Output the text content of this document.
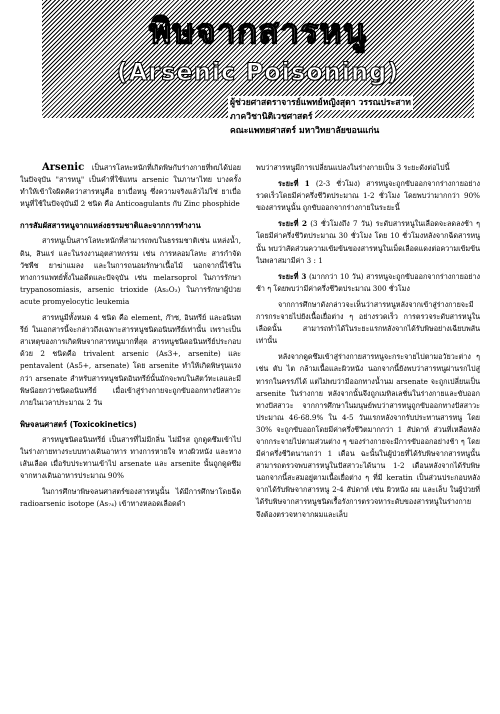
พิษจากสารหนู
(Arsenic Poisoning)
ผู้ช่วยศาสตราจารย์แพทย์หญิงสุดา วรรณประสาท
ภาควิชานิติเวชศาสตร์
คณะแพทยศาสตร์ มหาวิทยาลัยขอนแก่น

Arsenic เป็นสารโลหะหนักที่เกิดพิษกับร่างกายที่พบได้บ่อย ในปัจจุบัน "สารหนู" เป็นคำที่ใช้แทน arsenic ในภาษาไทย บางครั้งทำให้เข้าใจผิดคิดว่าสารหนูคือ ยาเบื่อหนู ซึ่งความจริงแล้วไม่ใช่ ยาเบื่อหนูที่ใช้ในปัจจุบันมี 2 ชนิด คือ Anticoagulants กับ Zinc phosphide

การสัมผัสสารหนูจากแหล่งธรรมชาติและจากการทำงาน

สารหนูเป็นสารโลหะหนักที่สามารถพบในธรรมชาติเช่น แหล่งน้ำ, ดิน, สินแร่ และในรงงานอุตสาหกรรม เช่น การหลอมโลหะ สารกำจัดวัชพืช ยาฆ่าแมลง และในการถนอมรักษาเนื้อไม้ นอกจากนี้ใช้ในทางการแพทย์ทั้งในอดีตและปัจจุบัน เช่น melarsoprol ในการรักษา trypanosomiasis, arsenic trioxide (As₂O₃) ในการรักษาผู้ป่วย acute promyelocytic leukemia

สารหนูมีทั้งหมด 4 ชนิด คือ element, ก๊าซ, อินทรีย์ และอนินทรีย์ ในเอกสารนี้จะกล่าวถึงเฉพาะสารหนูชนิดอนินทรีย์เท่านั้น เพราะเป็นสาเหตุของการเกิดพิษจากสารหนูมากที่สุด สารหนูชนิดอนินทรีย์ประกอบด้วย 2 ชนิดคือ trivalent arsenic (As3+, arsenite) และ pentavalent (As5+, arsenate) โดย arsenite ทำให้เกิดพิษรุนแรงกว่า arsenate สำหรับสารหนูชนิดอินทรีย์นั้นมักจะพบในสัตว์ทะเลและมีพิษน้อยกว่าชนิดอนินทรีย์ เมื่อเข้าสู่ร่างกายจะถูกขับออกทางปัสสาวะภายในเวลาประมาณ 2 วัน

พิษจลนศาสตร์ (Toxicokinetics)

สารหนูชนิดอนินทรีย์ เป็นสารที่ไม่มีกลิ่น ไม่มีรส ถูกดูดซึมเข้าไปในร่างกายทางระบบทางเดินอาหาร ทางการหายใจ ทางผิวหนัง และทางเส้นเลือด เมื่อรับประทานเข้าไป arsenate และ arsenite นั้นถูกดูดซึมจากทางเดินอาหารประมาณ 90%

ในการศึกษาพิษจลนศาสตร์ของสารหนูนั้น ได้มีการศึกษาโดยฉีด radioarsenic isotope (As₇₄) เข้าทางหลอดเลือดดำ

พบว่าสารหนูมีการเปลี่ยนแปลงในร่างกายเป็น 3 ระยะดังต่อไปนี้

ระยะที่ 1 (2-3 ชั่วโมง) สารหนูจะถูกขับออกจากร่างกายอย่างรวดเร็วโดยมีค่าครึ่งชีวิตประมาณ 1-2 ชั่วโมง โดยพบว่ามากกว่า 90% ของสารหนูนั้น ถูกขับออกจากร่างกายในระยะนี้

ระยะที่ 2 (3 ชั่วโมงถึง 7 วัน) ระดับสารหนูในเลือดจะลดลงช้า ๆ โดยมีค่าครึ่งชีวิตประมาณ 30 ชั่วโมง โดย 10 ชั่วโมงหลังจากฉีดสารหนูนั้น พบว่าสัดส่วนความเข้มข้นของสารหนูในเม็ดเลือดแดงต่อความเข้มข้นในพลาสมามีค่า 3 : 1

ระยะที่ 3 (มากกว่า 10 วัน) สารหนูจะถูกขับออกจากร่างกายอย่างช้า ๆ โดยพบว่ามีค่าครึ่งชีวิตประมาณ 300 ชั่วโมง

จากการศึกษาดังกล่าวจะเห็นว่าสารหนูหลังจากเข้าสู่ร่างกายจะมีการกระจายไปยังเนื้อเยื่อต่าง ๆ อย่างรวดเร็ว การตรวจระดับสารหนูในเลือดนั้น สามารถทำได้ในระยะแรกหลังจากได้รับพิษอย่างเฉียบพลันเท่านั้น

หลังจากดูดซึมเข้าสู่ร่างกายสารหนูจะกระจายไปตามอวัยวะต่าง ๆ เช่น ตับ ไต กล้ามเนื้อและผิวหนัง นอกจากนี้ยังพบว่าสารหนูผ่านรกไปสู่ทารกในครรภ์ได้ แต่ไม่พบว่ามีออกทางน้ำนม arsenate จะถูกเปลี่ยนเป็น arsenite ในร่างกาย หลังจากนั้นจึงถูกเมทิลเลชั่นในร่างกายและขับออกทางปัสสาวะ จากการศึกษาในมนุษย์พบว่าสารหนูถูกขับออกทางปัสสาวะประมาณ 46-68.9% ใน 4-5 วันแรกหลังจากรับประทานสารหนู โดย 30% จะถูกขับออกโดยมีค่าครึ่งชีวิตมากกว่า 1 สัปดาห์ ส่วนที่เหลือหลังจากกระจายไปตามส่วนต่าง ๆ ของร่างกายจะมีการขับออกอย่างช้า ๆ โดยมีค่าครึ่งชีวิตนานกว่า 1 เดือน ฉะนั้นในผู้ป่วยที่ได้รับพิษจากสารหนูนั้นสามารถตรวจพบสารหนูในปัสสาวะได้นาน 1-2 เดือนหลังจากได้รับพิษ นอกจากนี้สะสมอยู่ตามเนื้อเยื่อต่าง ๆ ที่มี keratin เป็นส่วนประกอบหลังจากได้รับพิษจากสารหนู 2-4 สัปดาห์ เช่น ผิวหนัง ผม และเล็บ ในผู้ป่วยที่ได้รับพิษจากสารหนูชนิดเรื้อรังการตรวจหาระดับของสารหนูในร่างกาย จึงต้องตรวจหาจากผมและเล็บ
